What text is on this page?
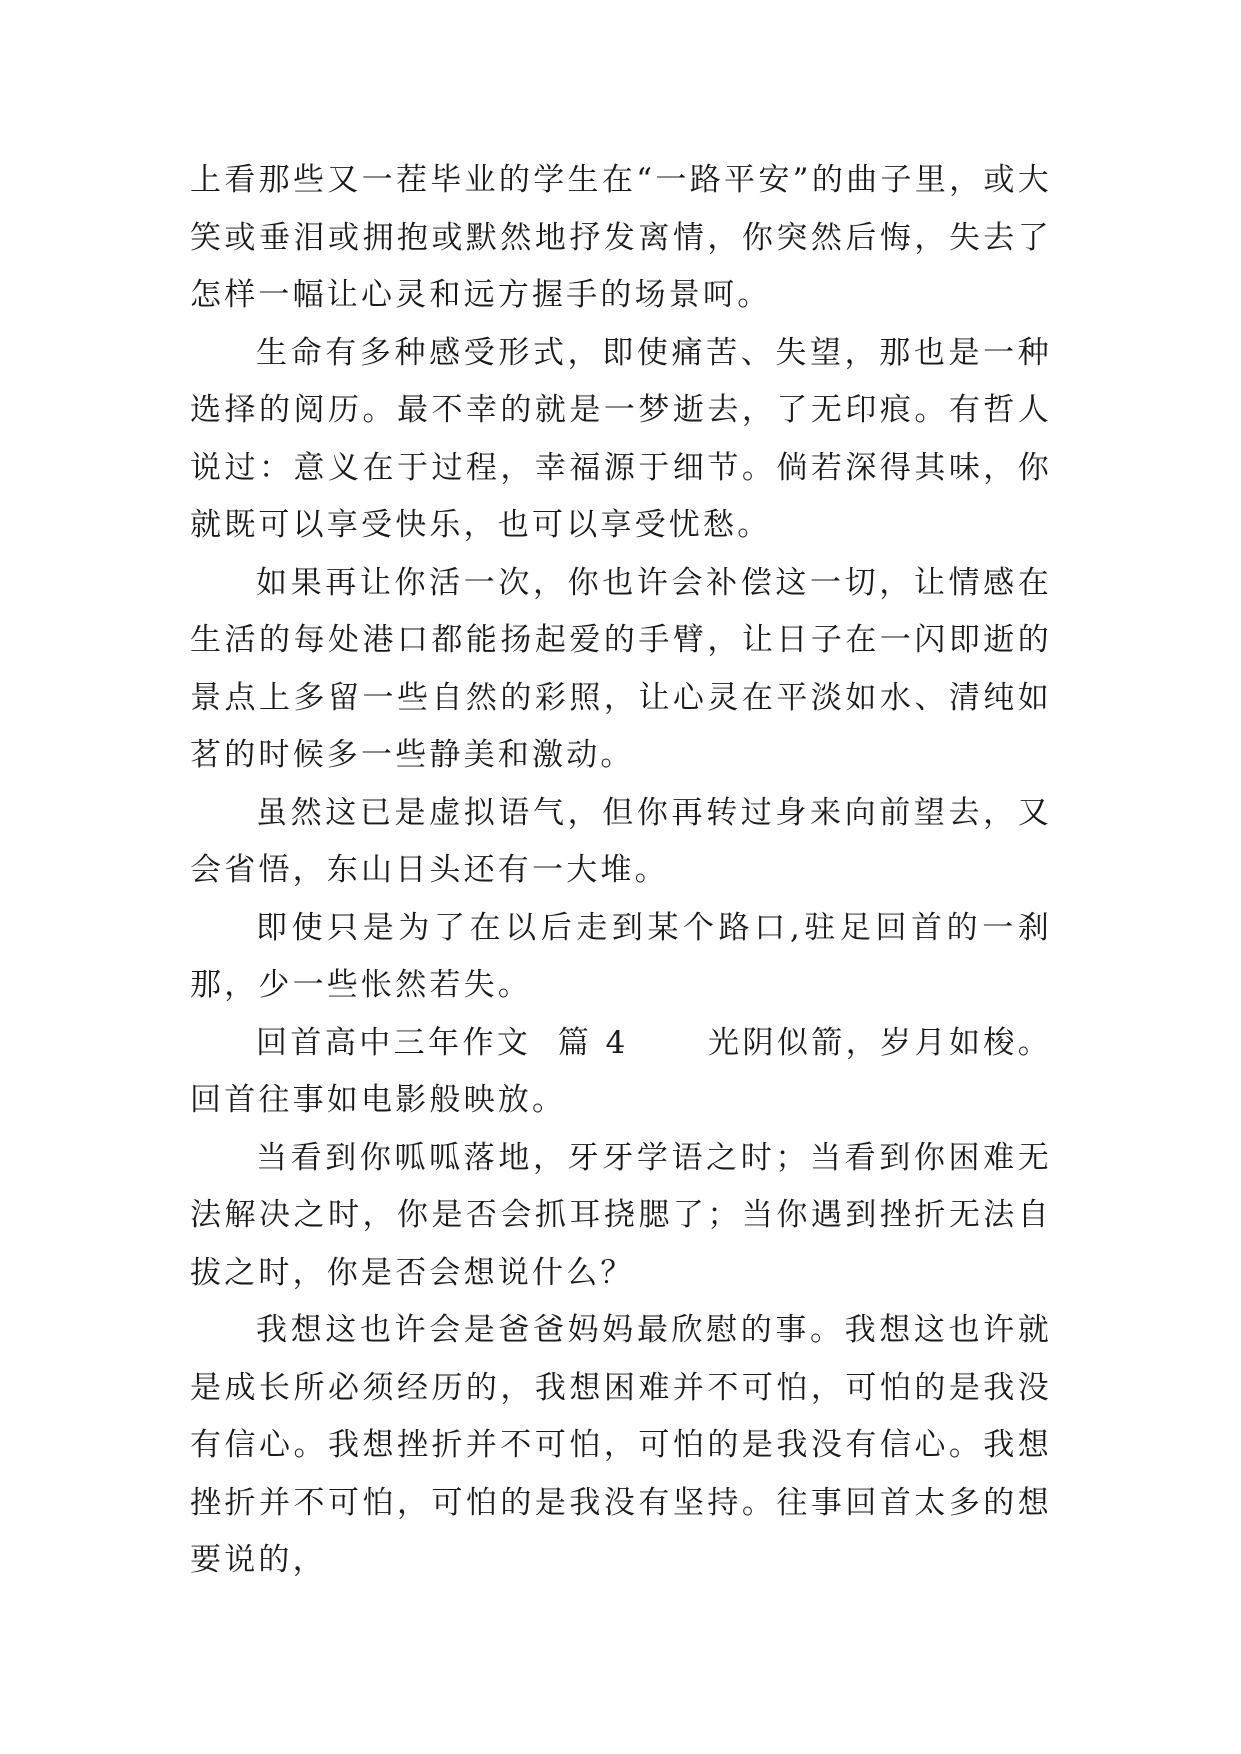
上看那些又一茬毕业的学生在“一路平安”的曲子里，或大笑或垂泪或拥抱或默然地抒发离情，你突然后悔，失去了怎样一幅让心灵和远方握手的场景呵。

生命有多种感受形式，即使痛苦、失望，那也是一种选择的阅历。最不幸的就是一梦逝去，了无印痕。有哲人说过：意义在于过程，幸福源于细节。倘若深得其味，你就既可以享受快乐，也可以享受忧愁。

如果再让你活一次，你也许会补偿这一切，让情感在生活的每处港口都能扬起爱的手臂，让日子在一闪即逝的景点上多留一些自然的彩照，让心灵在平淡如水、清纯如茗的时候多一些静美和激动。

虽然这已是虚拟语气，但你再转过身来向前望去，又会省悟，东山日头还有一大堆。

即使只是为了在以后走到某个路口,驻足回首的一刹那，少一些怅然若失。

回首高中三年作文  篇 4      光阴似箭，岁月如梭。回首往事如电影般映放。

当看到你呱呱落地，牙牙学语之时；当看到你困难无法解决之时，你是否会抓耳挠腮了；当你遇到挫折无法自拔之时，你是否会想说什么？

我想这也许会是爸爸妈妈最欣慰的事。我想这也许就是成长所必须经历的，我想困难并不可怕，可怕的是我没有信心。我想挫折并不可怕，可怕的是我没有信心。我想挫折并不可怕，可怕的是我没有坚持。往事回首太多的想要说的，
